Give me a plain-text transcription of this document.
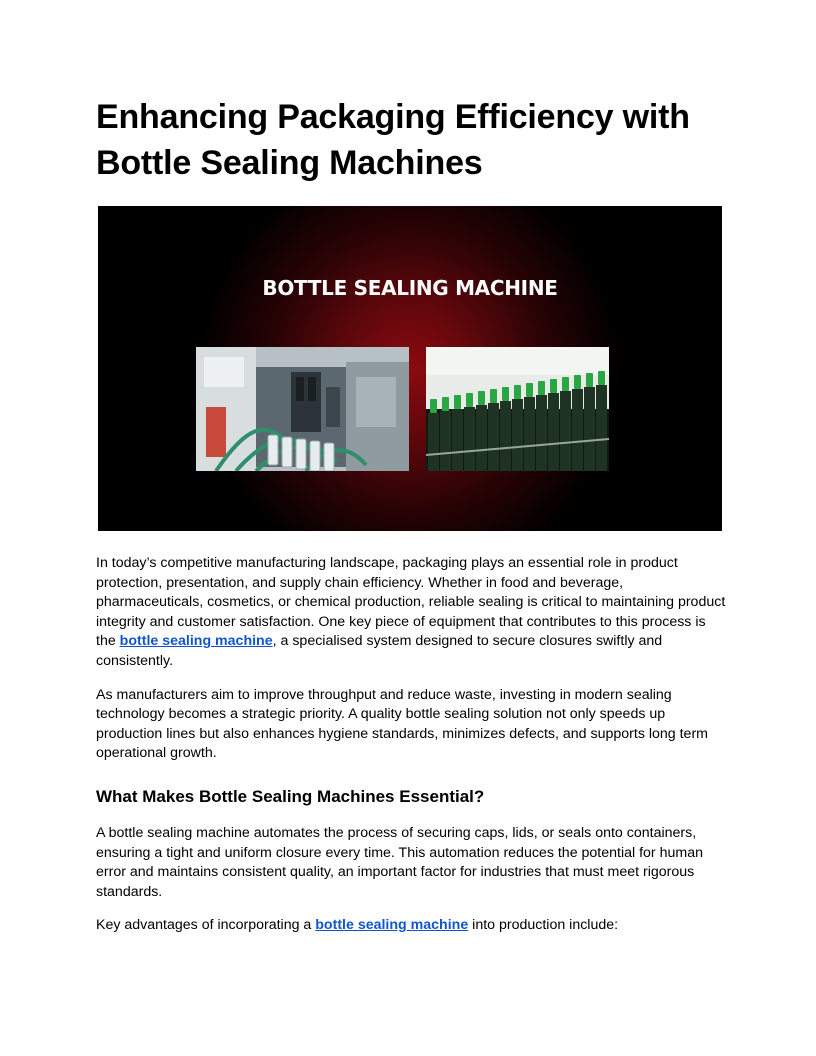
Enhancing Packaging Efficiency with Bottle Sealing Machines
BOTTLE SEALING MACHINE

In today’s competitive manufacturing landscape, packaging plays an essential role in product protection, presentation, and supply chain efficiency. Whether in food and beverage, pharmaceuticals, cosmetics, or chemical production, reliable sealing is critical to maintaining product integrity and customer satisfaction. One key piece of equipment that contributes to this process is the bottle sealing machine, a specialised system designed to secure closures swiftly and consistently.

As manufacturers aim to improve throughput and reduce waste, investing in modern sealing technology becomes a strategic priority. A quality bottle sealing solution not only speeds up production lines but also enhances hygiene standards, minimizes defects, and supports long term operational growth.

What Makes Bottle Sealing Machines Essential?

A bottle sealing machine automates the process of securing caps, lids, or seals onto containers, ensuring a tight and uniform closure every time. This automation reduces the potential for human error and maintains consistent quality, an important factor for industries that must meet rigorous standards.

Key advantages of incorporating a bottle sealing machine into production include:
